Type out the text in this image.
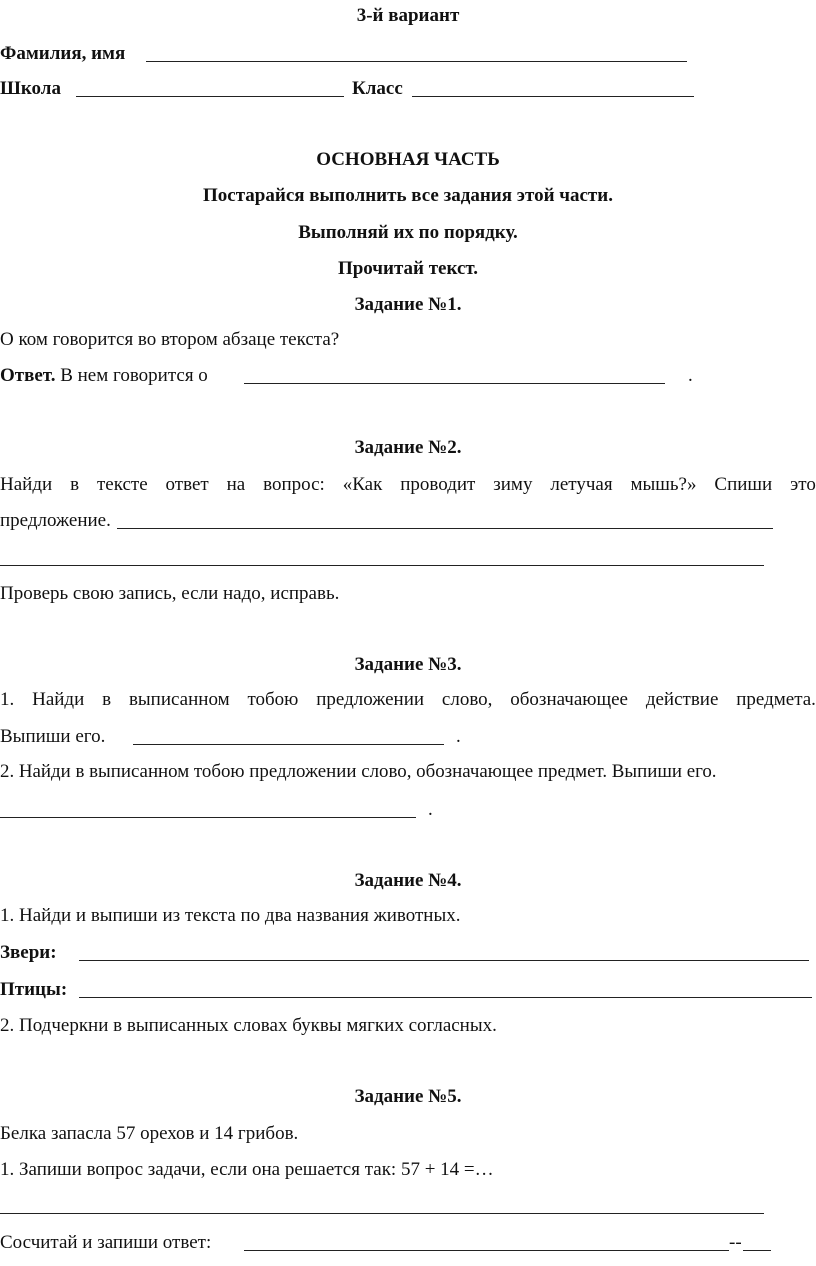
3-й вариант
Фамилия, имя
Школа	Класс
ОСНОВНАЯ ЧАСТЬ
Постарайся выполнить все задания этой части.
Выполняй их по порядку.
Прочитай текст.
Задание №1.
О ком говорится во втором абзаце текста?
Ответ. В нем говорится о	.
Задание №2.
Найди в тексте ответ на вопрос: «Как проводит зиму летучая мышь?» Спиши это
предложение.
Проверь свою запись, если надо, исправь.
Задание №3.
1. Найди в выписанном тобою предложении слово, обозначающее действие предмета.
Выпиши его.	.
2. Найди в выписанном тобою предложении слово, обозначающее предмет. Выпиши его.
.
Задание №4.
1. Найди и выпиши из текста по два названия животных.
Звери:
Птицы:
2. Подчеркни в выписанных словах буквы мягких согласных.
Задание №5.
Белка запасла 57 орехов и 14 грибов.
1. Запиши вопрос задачи, если она решается так: 57 + 14 =…
Сосчитай и запиши ответ:	--
